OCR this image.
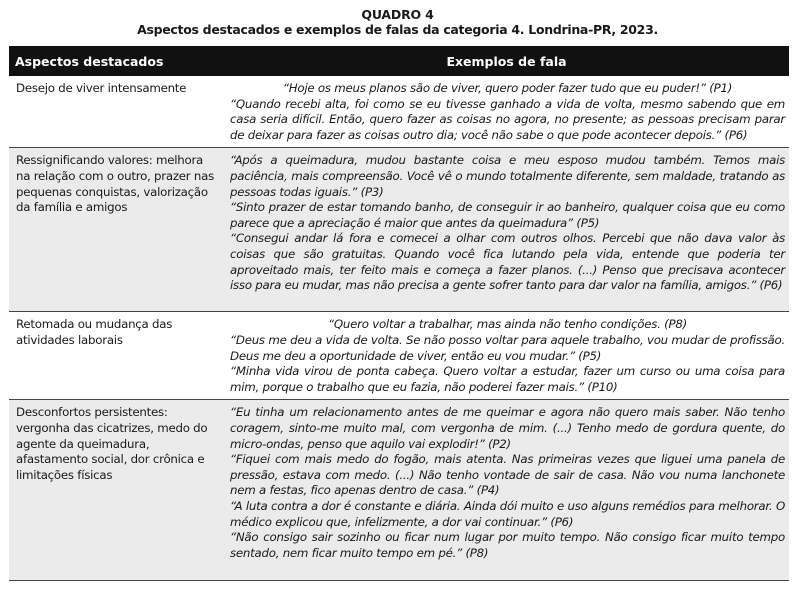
QUADRO 4
Aspectos destacados e exemplos de falas da categoria 4. Londrina-PR, 2023.
Aspectos destacados	Exemplos de fala
Desejo de viver intensamente	“Hoje os meus planos são de viver, quero poder fazer tudo que eu puder!” (P1)
“Quando recebi alta, foi como se eu tivesse ganhado a vida de volta, mesmo sabendo que em casa seria difícil. Então, quero fazer as coisas no agora, no presente; as pessoas precisam parar de deixar para fazer as coisas outro dia; você não sabe o que pode acontecer depois.” (P6)

Ressignificando valores: melhora na relação com o outro, prazer nas pequenas conquistas, valorização da família e amigos	“Após a queimadura, mudou bastante coisa e meu esposo mudou também. Temos mais paciência, mais compreensão. Você vê o mundo totalmente diferente, sem maldade, tratando as pessoas todas iguais.” (P3)
“Sinto prazer de estar tomando banho, de conseguir ir ao banheiro, qualquer coisa que eu como parece que a apreciação é maior que antes da queimadura” (P5)
“Consegui andar lá fora e comecei a olhar com outros olhos. Percebi que não dava valor às coisas que são gratuitas. Quando você fica lutando pela vida, entende que poderia ter aproveitado mais, ter feito mais e começa a fazer planos. (...) Penso que precisava acontecer isso para eu mudar, mas não precisa a gente sofrer tanto para dar valor na família, amigos.” (P6)

Retomada ou mudança das atividades laborais	“Quero voltar a trabalhar, mas ainda não tenho condições. (P8)
“Deus me deu a vida de volta. Se não posso voltar para aquele trabalho, vou mudar de profissão. Deus me deu a oportunidade de viver, então eu vou mudar.” (P5)
“Minha vida virou de ponta cabeça. Quero voltar a estudar, fazer um curso ou uma coisa para mim, porque o trabalho que eu fazia, não poderei fazer mais.” (P10)

Desconfortos persistentes: vergonha das cicatrizes, medo do agente da queimadura, afastamento social, dor crônica e limitações físicas	“Eu tinha um relacionamento antes de me queimar e agora não quero mais saber. Não tenho coragem, sinto-me muito mal, com vergonha de mim. (...) Tenho medo de gordura quente, do micro-ondas, penso que aquilo vai explodir!” (P2)
“Fiquei com mais medo do fogão, mais atenta. Nas primeiras vezes que liguei uma panela de pressão, estava com medo. (...) Não tenho vontade de sair de casa. Não vou numa lanchonete nem a festas, fico apenas dentro de casa.” (P4)
“A luta contra a dor é constante e diária. Ainda dói muito e uso alguns remédios para melhorar. O médico explicou que, infelizmente, a dor vai continuar.” (P6)
“Não consigo sair sozinho ou ficar num lugar por muito tempo. Não consigo ficar muito tempo sentado, nem ficar muito tempo em pé.” (P8)
